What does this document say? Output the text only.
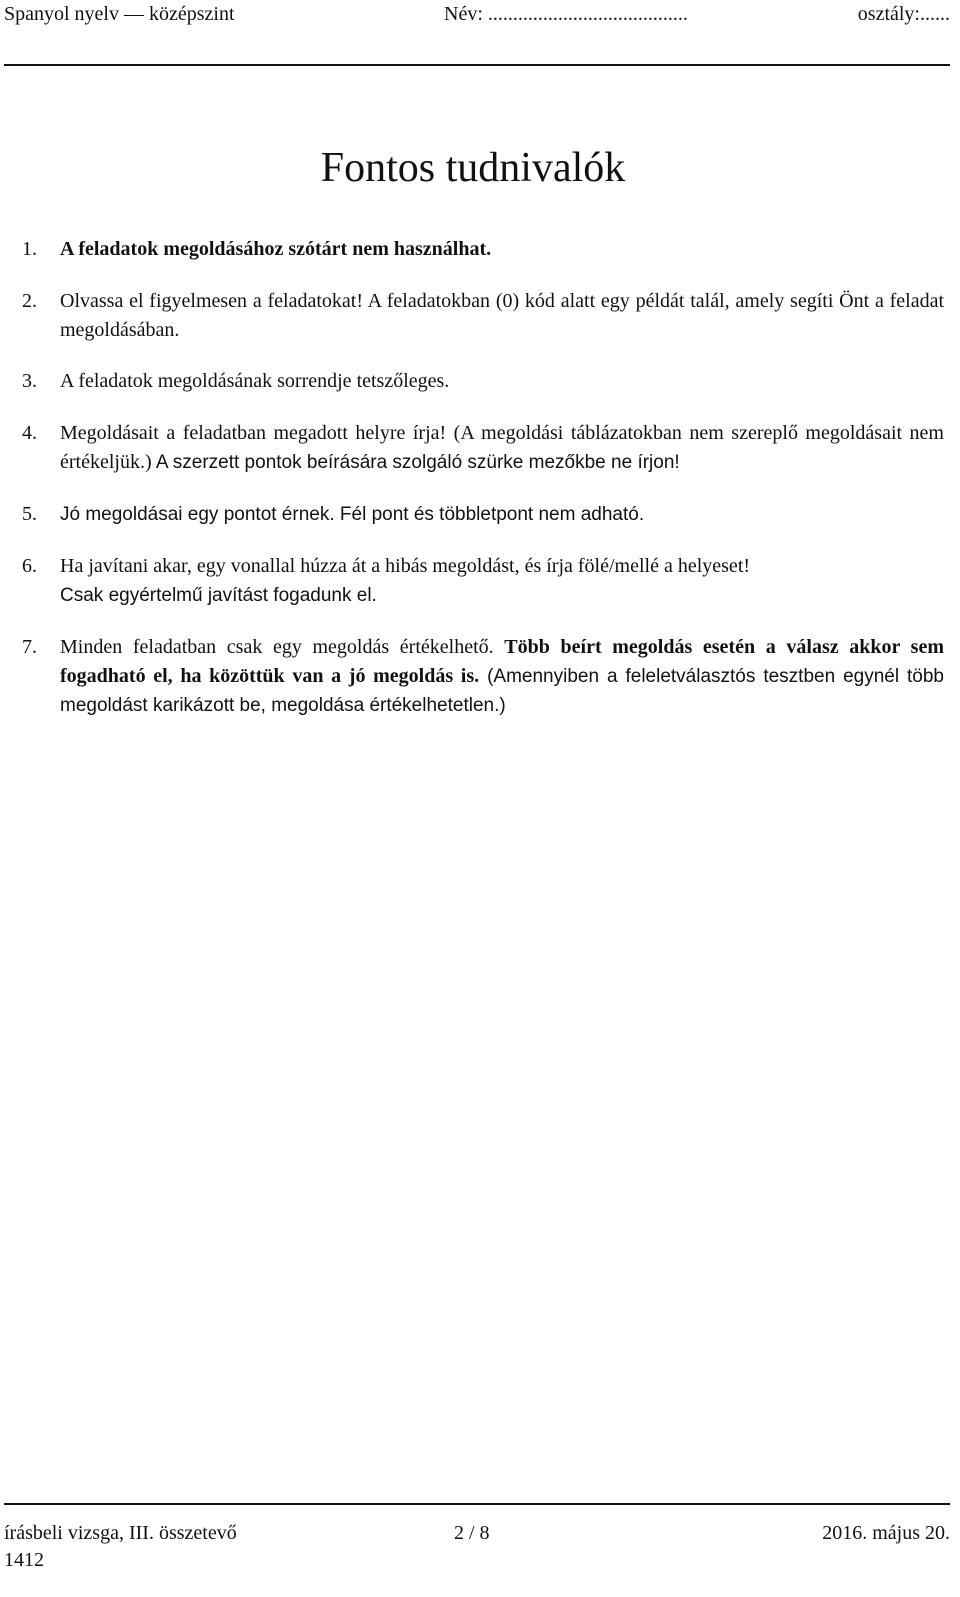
Spanyol nyelv — középszint	Név: ........................................	osztály:......
Fontos tudnivalók
1. A feladatok megoldásához szótárt nem használhat.
2. Olvassa el figyelmesen a feladatokat! A feladatokban (0) kód alatt egy példát talál, amely segíti Önt a feladat megoldásában.
3. A feladatok megoldásának sorrendje tetszőleges.
4. Megoldásait a feladatban megadott helyre írja! (A megoldási táblázatokban nem szereplő megoldásait nem értékeljük.) A szerzett pontok beírására szolgáló szürke mezőkbe ne írjon!
5. Jó megoldásai egy pontot érnek. Fél pont és többletpont nem adható.
6. Ha javítani akar, egy vonallal húzza át a hibás megoldást, és írja fölé/mellé a helyeset!
Csak egyértelmű javítást fogadunk el.
7. Minden feladatban csak egy megoldás értékelhető. Több beírt megoldás esetén a válasz akkor sem fogadható el, ha közöttük van a jó megoldás is. (Amennyiben a feleletválasztós tesztben egynél több megoldást karikázott be, megoldása értékelhetetlen.)
írásbeli vizsga, III. összetevő	2 / 8	2016. május 20.
1412
